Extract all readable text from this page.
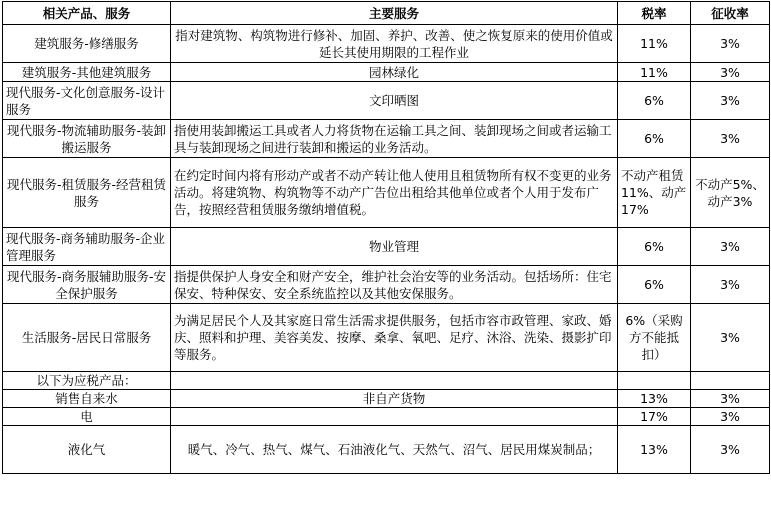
相关产品、服务	主要服务	税率	征收率
建筑服务-修缮服务	指对建筑物、构筑物进行修补、加固、养护、改善、使之恢复原来的使用价值或延长其使用期限的工程作业	11%	3%
建筑服务-其他建筑服务	园林绿化	11%	3%
现代服务-文化创意服务-设计服务	文印晒图	6%	3%
现代服务-物流辅助服务-装卸搬运服务	指使用装卸搬运工具或者人力将货物在运输工具之间、装卸现场之间或者运输工具与装卸现场之间进行装卸和搬运的业务活动。	6%	3%
现代服务-租赁服务-经营租赁服务	在约定时间内将有形动产或者不动产转让他人使用且租赁物所有权不变更的业务活动。将建筑物、构筑物等不动产广告位出租给其他单位或者个人用于发布广告，按照经营租赁服务缴纳增值税。	不动产租赁11%、动产17%	不动产5%、动产3%
现代服务-商务辅助服务-企业管理服务	物业管理	6%	3%
现代服务-商务服辅助服务-安全保护服务	指提供保护人身安全和财产安全，维护社会治安等的业务活动。包括场所：住宅保安、特种保安、安全系统监控以及其他安保服务。	6%	3%
生活服务-居民日常服务	为满足居民个人及其家庭日常生活需求提供服务，包括市容市政管理、家政、婚庆、照料和护理、美容美发、按摩、桑拿、氧吧、足疗、沐浴、洗染、摄影扩印等服务。	6%（采购方不能抵扣）	3%
以下为应税产品：			
销售自来水	非自产货物	13%	3%
电		17%	3%
液化气	暖气、冷气、热气、煤气、石油液化气、天然气、沼气、居民用煤炭制品；	13%	3%
